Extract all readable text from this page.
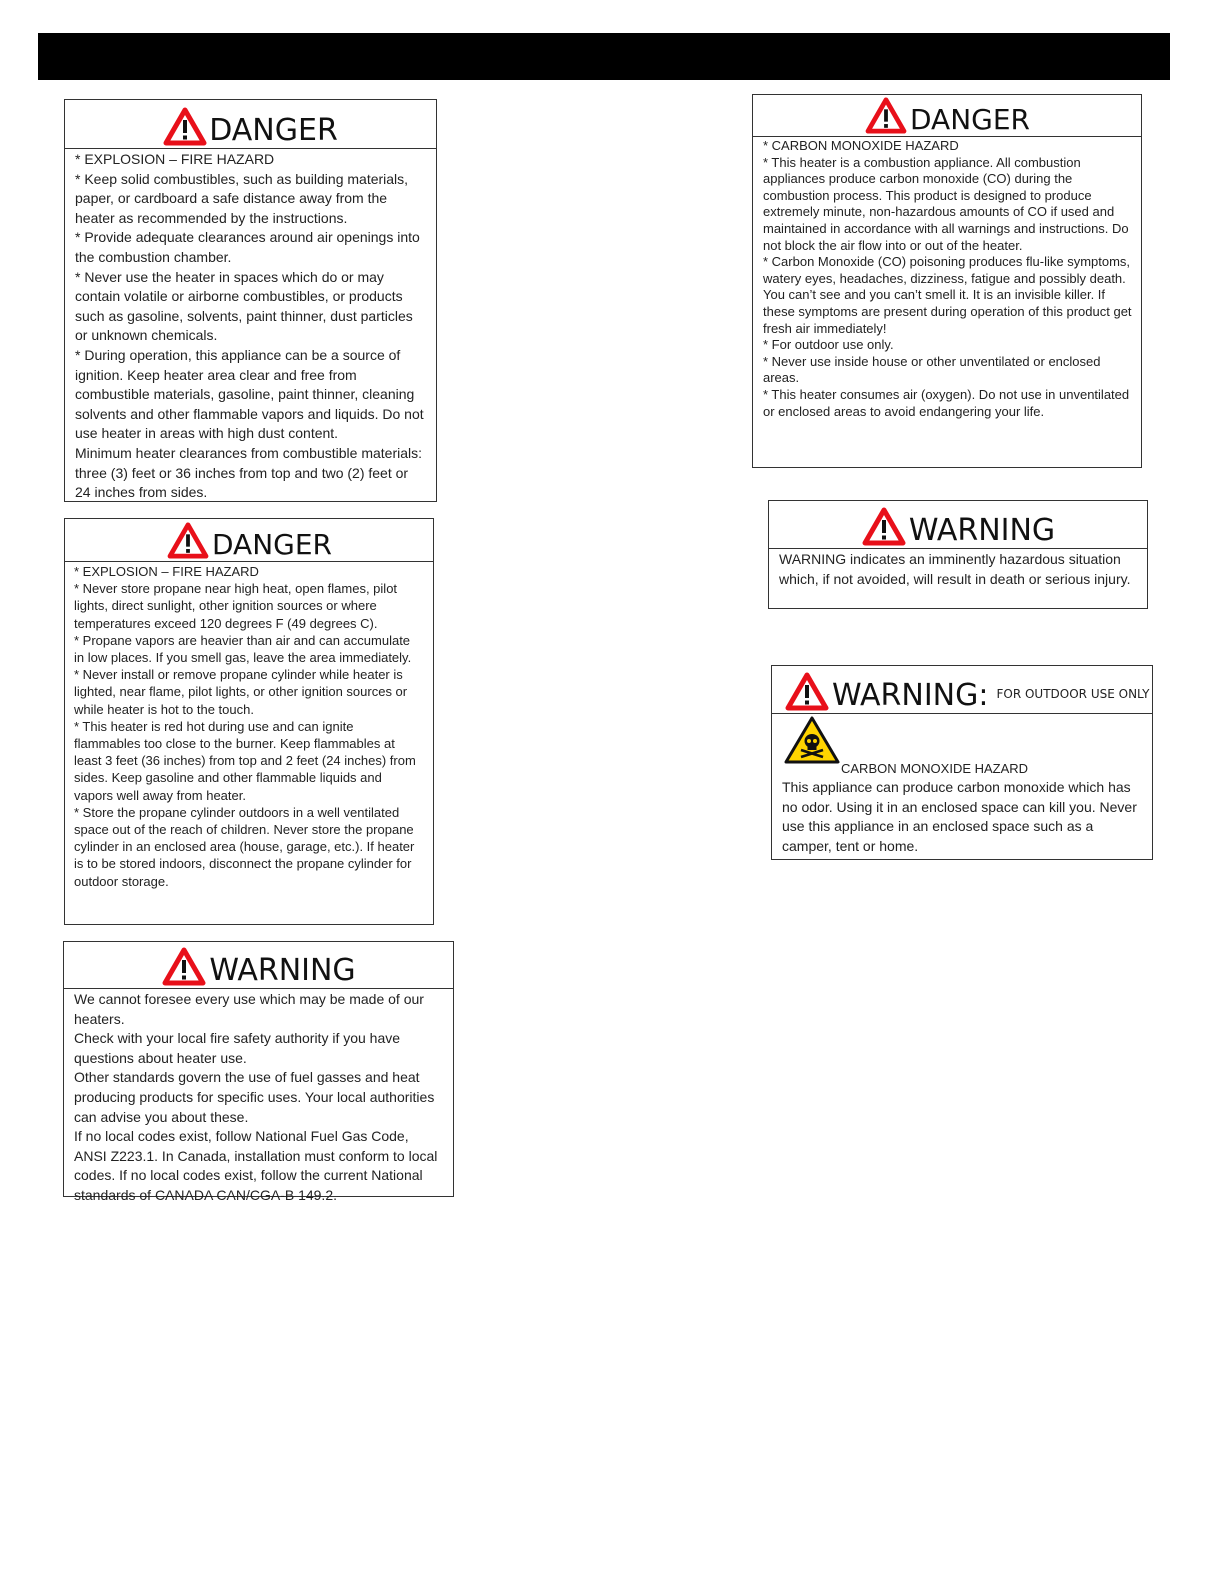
DANGER

* EXPLOSION – FIRE HAZARD

* Keep solid combustibles, such as building materials, paper, or cardboard a safe distance away from the heater as recommended by the instructions.

* Provide adequate clearances around air openings into the combustion chamber.

* Never use the heater in spaces which do or may contain volatile or airborne combustibles, or products such as gasoline, solvents, paint thinner, dust particles or unknown chemicals.

* During operation, this appliance can be a source of ignition. Keep heater area clear and free from combustible materials, gasoline, paint thinner, cleaning solvents and other flammable vapors and liquids. Do not use heater in areas with high dust content.

Minimum heater clearances from combustible materials: three (3) feet or 36 inches from top and two (2) feet or 24 inches from sides.

DANGER

* EXPLOSION – FIRE HAZARD

* Never store propane near high heat, open flames, pilot lights, direct sunlight, other ignition sources or where temperatures exceed 120 degrees F (49 degrees C).

* Propane vapors are heavier than air and can accumulate in low places. If you smell gas, leave the area immediately.

* Never install or remove propane cylinder while heater is lighted, near flame, pilot lights, or other ignition sources or while heater is hot to the touch.

* This heater is red hot during use and can ignite flammables too close to the burner. Keep flammables at least 3 feet (36 inches) from top and 2 feet (24 inches) from sides. Keep gasoline and other flammable liquids and vapors well away from heater.

* Store the propane cylinder outdoors in a well ventilated space out of the reach of children. Never store the propane cylinder in an enclosed area (house, garage, etc.). If heater is to be stored indoors, disconnect the propane cylinder for outdoor storage.

WARNING

We cannot foresee every use which may be made of our heaters.

Check with your local fire safety authority if you have questions about heater use.

Other standards govern the use of fuel gasses and heat producing products for specific uses. Your local authorities can advise you about these.

If no local codes exist, follow National Fuel Gas Code, ANSI Z223.1. In Canada, installation must conform to local codes. If no local codes exist, follow the current National standards of CANADA CAN/CGA-B 149.2.

DANGER

* CARBON MONOXIDE HAZARD

* This heater is a combustion appliance. All combustion appliances produce carbon monoxide (CO) during the combustion process. This product is designed to produce extremely minute, non-hazardous amounts of CO if used and maintained in accordance with all warnings and instructions. Do not block the air flow into or out of the heater.

* Carbon Monoxide (CO) poisoning produces flu-like symptoms, watery eyes, headaches, dizziness, fatigue and possibly death. You can’t see and you can’t smell it. It is an invisible killer. If these symptoms are present during operation of this product get fresh air immediately!

* For outdoor use only.

* Never use inside house or other unventilated or enclosed areas.

* This heater consumes air (oxygen). Do not use in unventilated or enclosed areas to avoid endangering your life.

WARNING

WARNING indicates an imminently hazardous situation which, if not avoided, will result in death or serious injury.

WARNING: FOR OUTDOOR USE ONLY
CARBON MONOXIDE HAZARD

This appliance can produce carbon monoxide which has no odor. Using it in an enclosed space can kill you. Never use this appliance in an enclosed space such as a camper, tent or home.
